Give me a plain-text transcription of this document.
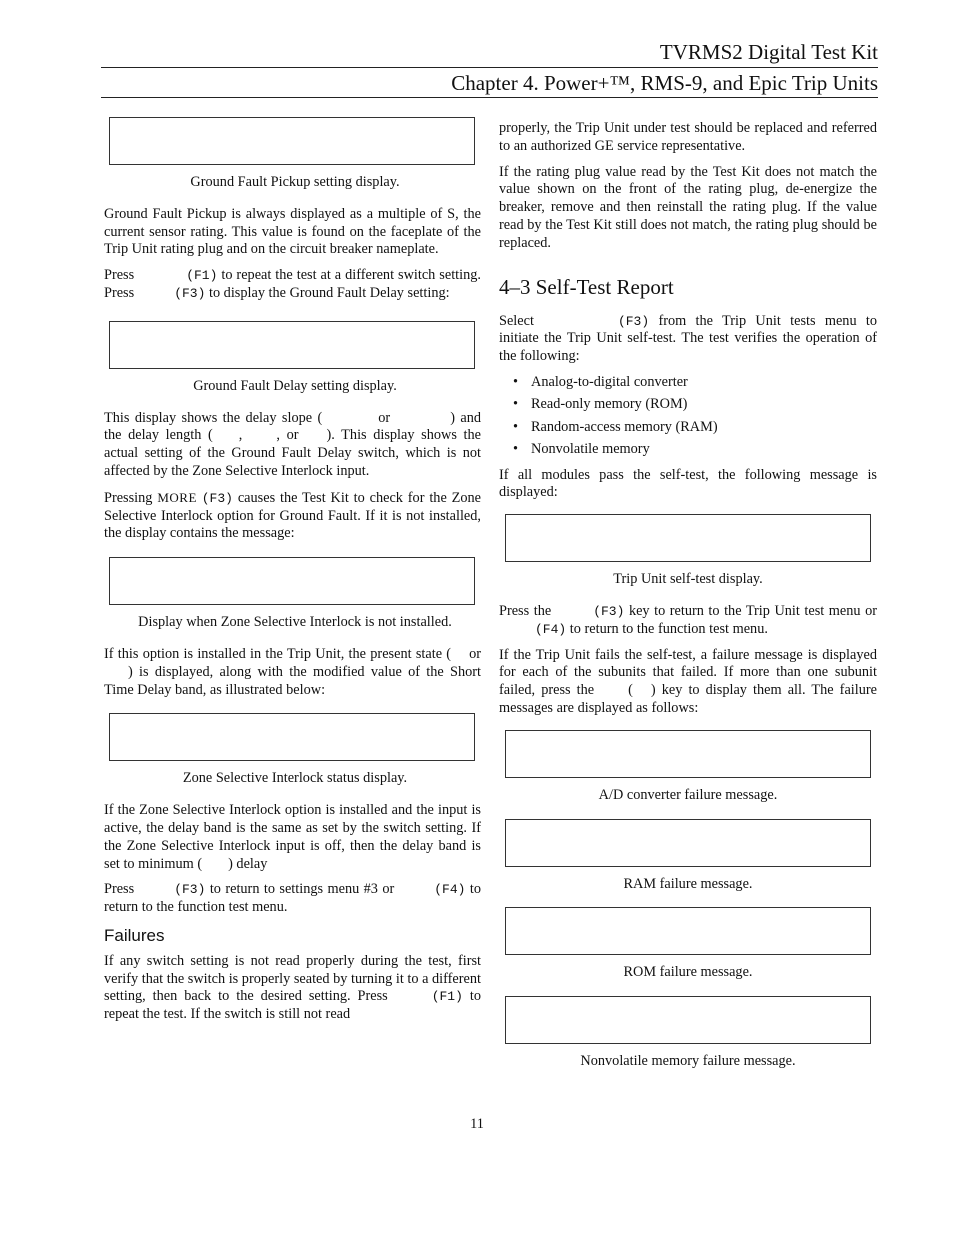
TVRMS2 Digital Test Kit
Chapter 4. Power+™, RMS-9, and Epic Trip Units
Ground Fault Pickup setting display.

Ground Fault Pickup is always displayed as a multiple of S, the current sensor rating. This value is found on the faceplate of the Trip Unit rating plug and on the circuit breaker nameplate.

Press	(F1) to repeat the test at a different switch setting. Press	(F3) to display the Ground Fault Delay setting:

Ground Fault Delay setting display.

This display shows the delay slope (	or	) and the delay length ( , , or ). This display shows the actual setting of the Ground Fault Delay switch, which is not affected by the Zone Selective Interlock input.

Pressing MORE (F3) causes the Test Kit to check for the Zone Selective Interlock option for Ground Fault. If it is not installed, the display contains the message:

Display when Zone Selective Interlock is not installed.

If this option is installed in the Trip Unit, the present state ( or) is displayed, along with the modified value of the Short Time Delay band, as illustrated below:

Zone Selective Interlock status display.

If the Zone Selective Interlock option is installed and the input is active, the delay band is the same as set by the switch setting. If the Zone Selective Interlock input is off, then the delay band is set to minimum ( ) delay

Press	(F3) to return to settings menu #3 or	(F4) to return to the function test menu.

Failures

If any switch setting is not read properly during the test, first verify that the switch is properly seated by turning it to a different setting, then back to the desired setting. Press	(F1) to repeat the test. If the switch is still not read

properly, the Trip Unit under test should be replaced and referred to an authorized GE service representative.

If the rating plug value read by the Test Kit does not match the value shown on the front of the rating plug, de-energize the breaker, remove and then reinstall the rating plug. If the value read by the Test Kit still does not match, the rating plug should be replaced.

4–3 Self-Test Report

Select	(F3) from the Trip Unit tests menu to initiate the Trip Unit self-test. The test verifies the operation of the following:

• Analog-to-digital converter
• Read-only memory (ROM)
• Random-access memory (RAM)
• Nonvolatile memory

If all modules pass the self-test, the following message is displayed:

Trip Unit self-test display.

Press the	(F3) key to return to the Trip Unit test menu or(F4) to return to the function test menu.

If the Trip Unit fails the self-test, a failure message is displayed for each of the subunits that failed. If more than one subunit failed, press the ( ) key to display them all. The failure messages are displayed as follows:

A/D converter failure message.
RAM failure message.
ROM failure message.
Nonvolatile memory failure message.
11
